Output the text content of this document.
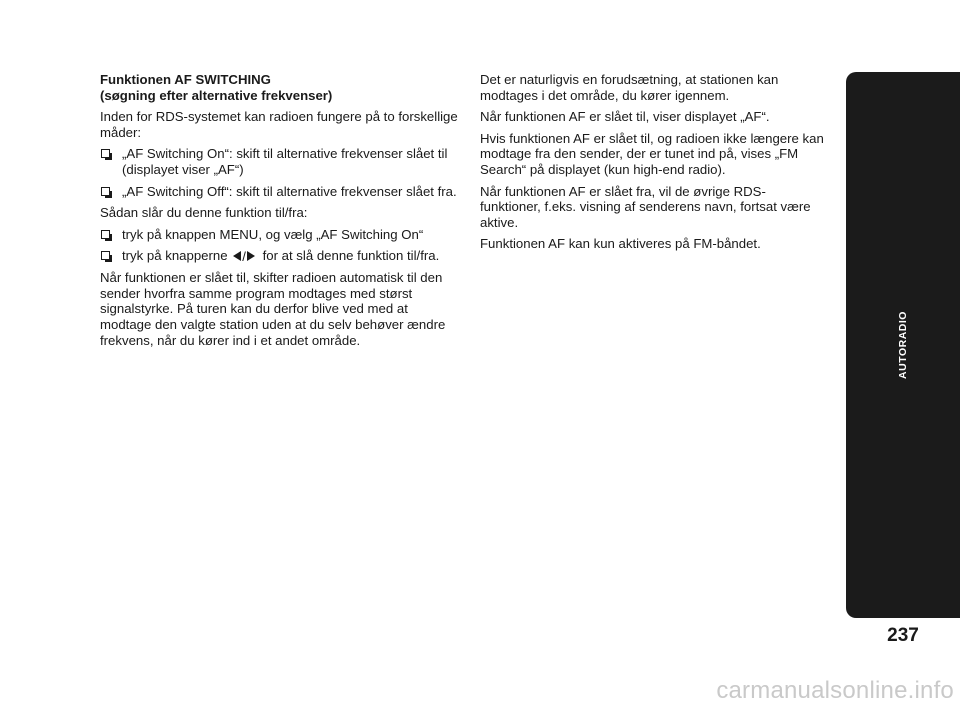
Funktionen AF SWITCHING
(søgning efter alternative frekvenser)

Inden for RDS-systemet kan radioen fungere på to forskellige måder:

„AF Switching On“: skift til alternative frekvenser slået til (displayet viser „AF“)
„AF Switching Off“: skift til alternative frekvenser slået fra.

Sådan slår du denne funktion til/fra:

tryk på knappen MENU, og vælg „AF Switching On“
tryk på knapperne / for at slå denne funktion til/fra.

Når funktionen er slået til, skifter radioen automatisk til den sender hvorfra samme program modtages med størst signalstyrke. På turen kan du derfor blive ved med at modtage den valgte station uden at du selv behøver ændre frekvens, når du kører ind i et andet område.

Det er naturligvis en forudsætning, at stationen kan modtages i det område, du kører igennem.

Når funktionen AF er slået til, viser displayet „AF“.

Hvis funktionen AF er slået til, og radioen ikke længere kan modtage fra den sender, der er tunet ind på, vises „FM Search“ på displayet (kun high-end radio).

Når funktionen AF er slået fra, vil de øvrige RDS-funktioner, f.eks. visning af senderens navn, fortsat være aktive.

Funktionen AF kan kun aktiveres på FM-båndet.

AUTORADIO
237
carmanualsonline.info
